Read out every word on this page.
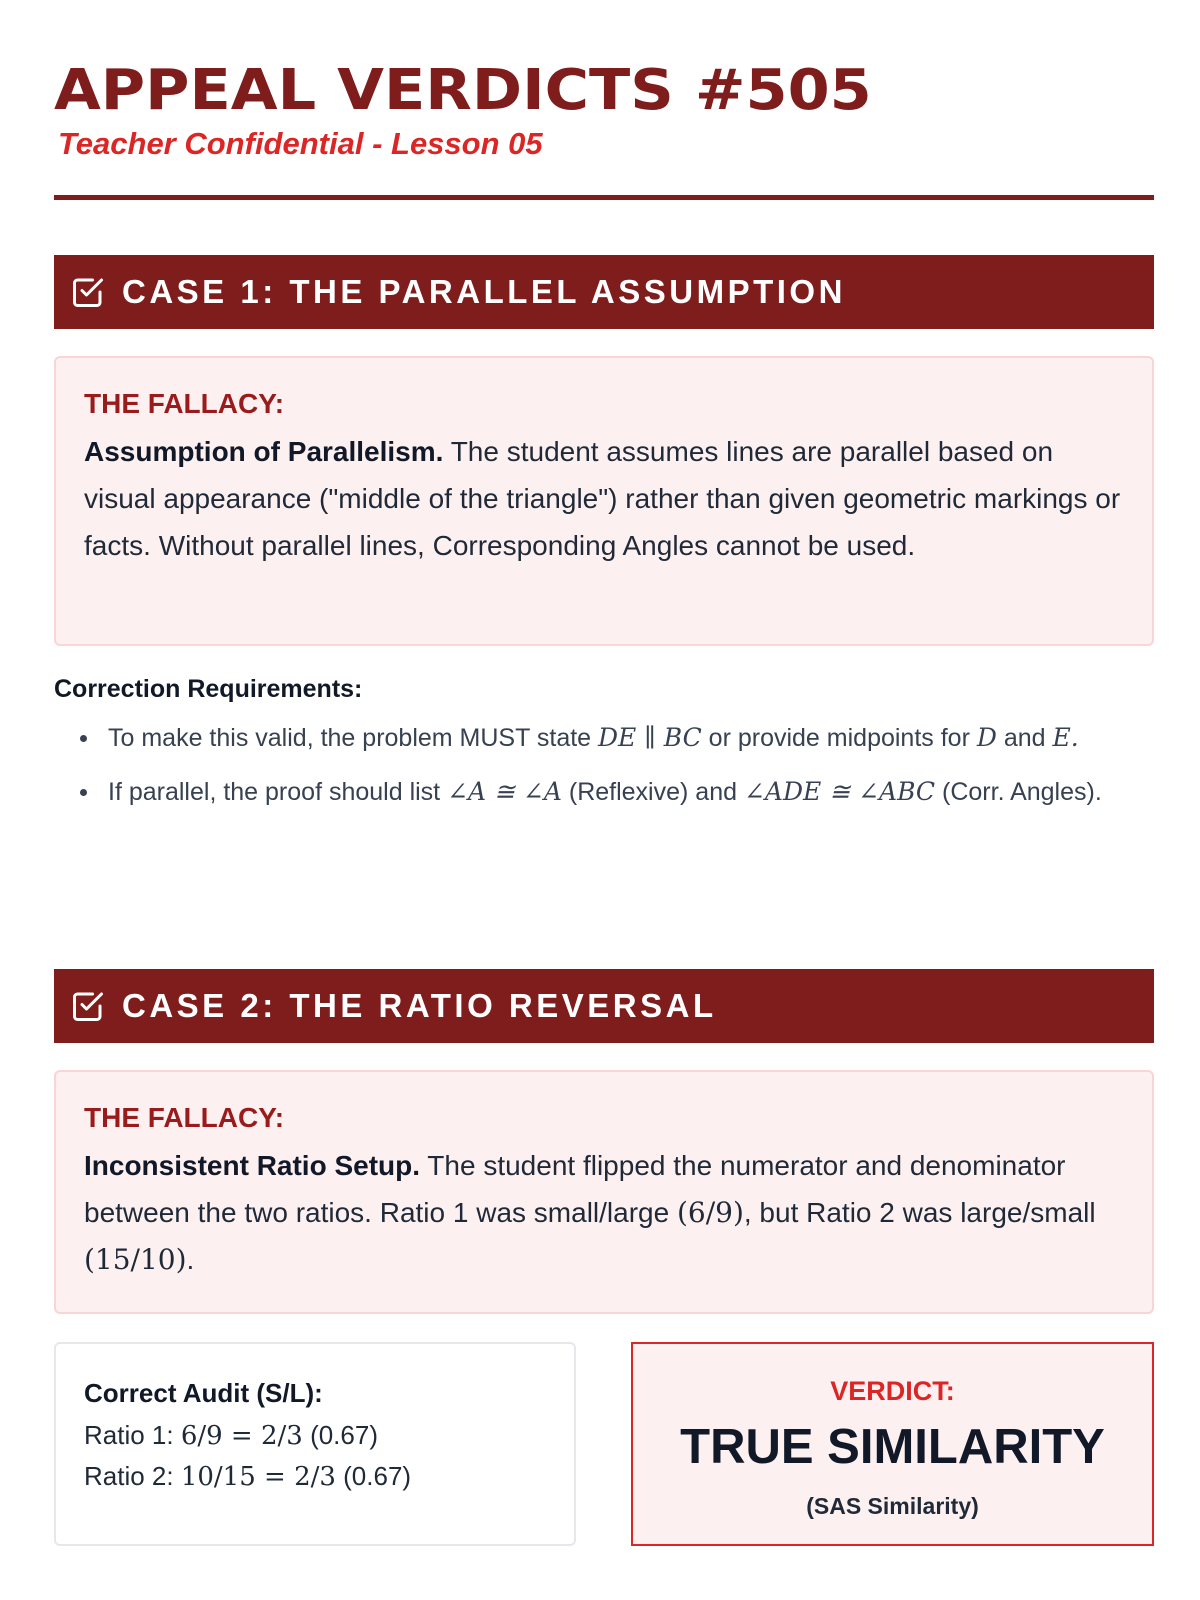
APPEAL VERDICTS #505
Teacher Confidential - Lesson 05
CASE 1: THE PARALLEL ASSUMPTION
THE FALLACY:

Assumption of Parallelism. The student assumes lines are parallel based on visual appearance ("middle of the triangle") rather than given geometric markings or facts. Without parallel lines, Corresponding Angles cannot be used.

Correction Requirements:
To make this valid, the problem MUST state DE ∥ BC or provide midpoints for D and E.
If parallel, the proof should list ∠A ≅ ∠A (Reflexive) and ∠ADE ≅ ∠ABC (Corr. Angles).
CASE 2: THE RATIO REVERSAL
THE FALLACY:

Inconsistent Ratio Setup. The student flipped the numerator and denominator between the two ratios. Ratio 1 was small/large (6/9), but Ratio 2 was large/small (15/10).

Correct Audit (S/L):
Ratio 1: 6/9 = 2/3 (0.67)
Ratio 2: 10/15 = 2/3 (0.67)
VERDICT:
TRUE SIMILARITY
(SAS Similarity)
